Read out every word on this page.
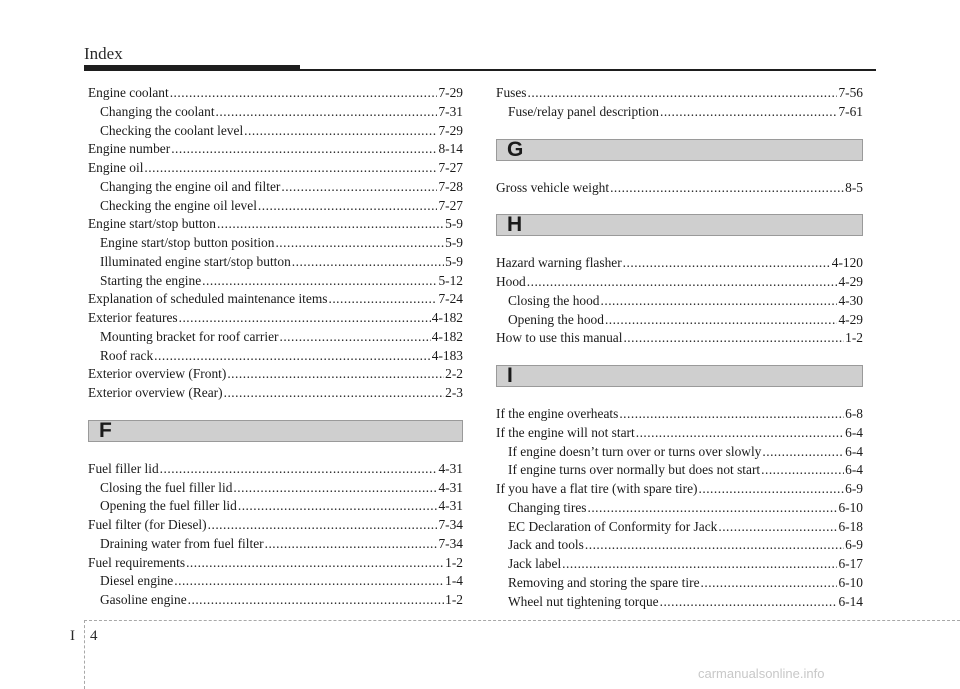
Index
Engine coolant .....	7-29
Changing the coolant .....	7-31
Checking the coolant level .....	7-29
Engine number .....	8-14
Engine oil .....	7-27
Changing the engine oil and filter .....	7-28
Checking the engine oil level .....	7-27
Engine start/stop button .....	5-9
Engine start/stop button position .....	5-9
Illuminated engine start/stop button .....	5-9
Starting the engine .....	5-12
Explanation of scheduled maintenance items .....	7-24
Exterior features .....	4-182
Mounting bracket for roof carrier .....	4-182
Roof rack .....	4-183
Exterior overview (Front) .....	2-2
Exterior overview (Rear) .....	2-3
F
Fuel filler lid .....	4-31
Closing the fuel filler lid .....	4-31
Opening the fuel filler lid .....	4-31
Fuel filter (for Diesel) .....	7-34
Draining water from fuel filter .....	7-34
Fuel requirements .....	1-2
Diesel engine .....	1-4
Gasoline engine .....	1-2
Fuses .....	7-56
Fuse/relay panel description .....	7-61
G
Gross vehicle weight .....	8-5
H
Hazard warning flasher .....	4-120
Hood .....	4-29
Closing the hood .....	4-30
Opening the hood .....	4-29
How to use this manual .....	1-2
I
If the engine overheats .....	6-8
If the engine will not start .....	6-4
If engine doesn’t turn over or turns over slowly .....	6-4
If engine turns over normally but does not start .....	6-4
If you have a flat tire (with spare tire) .....	6-9
Changing tires .....	6-10
EC Declaration of Conformity for Jack .....	6-18
Jack and tools .....	6-9
Jack label .....	6-17
Removing and storing the spare tire .....	6-10
Wheel nut tightening torque .....	6-14
I 4
carmanualsonline.info
